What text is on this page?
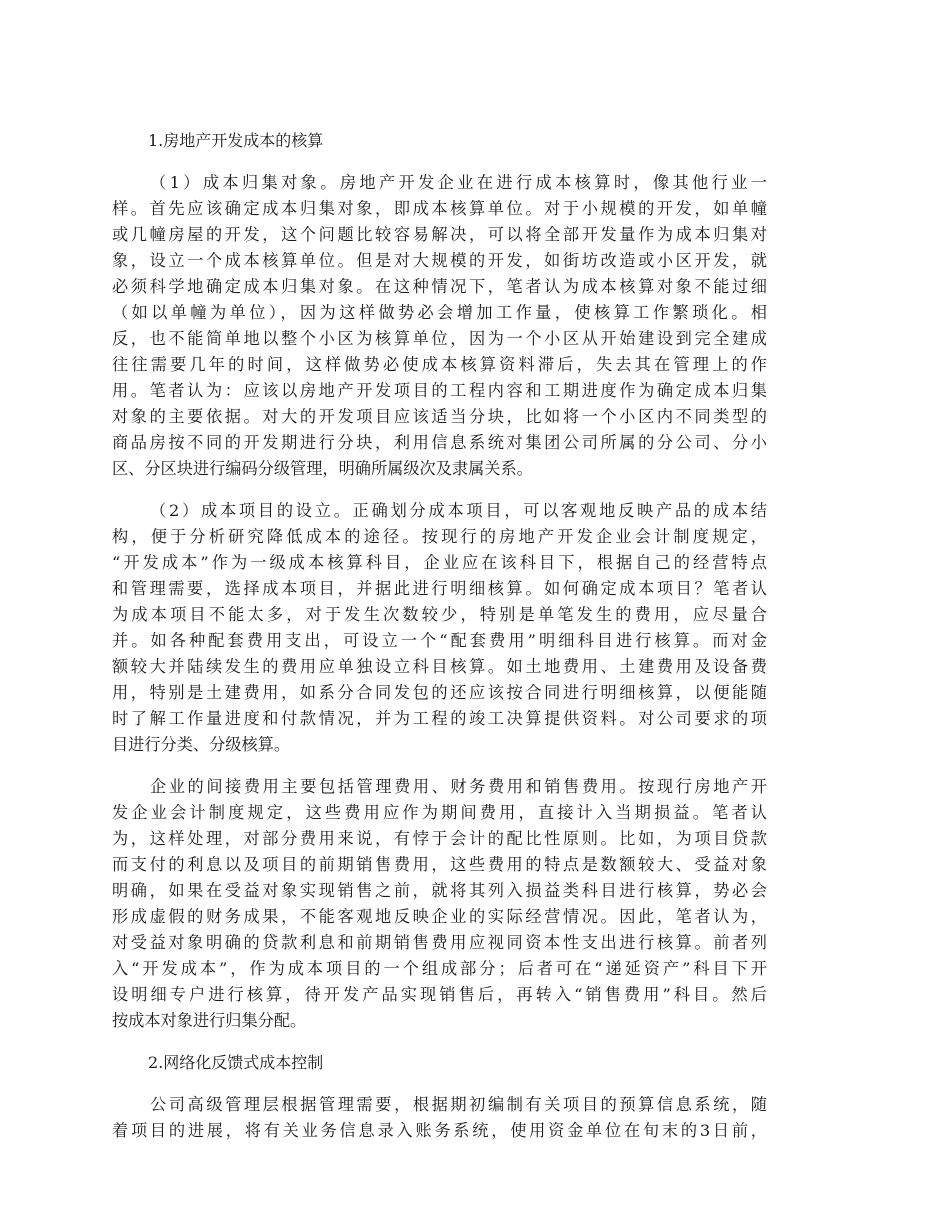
1.房地产开发成本的核算
（1）成本归集对象。房地产开发企业在进行成本核算时，像其他行业一
样。首先应该确定成本归集对象，即成本核算单位。对于小规模的开发，如单幢
或几幢房屋的开发，这个问题比较容易解决，可以将全部开发量作为成本归集对
象，设立一个成本核算单位。但是对大规模的开发，如街坊改造或小区开发，就
必须科学地确定成本归集对象。在这种情况下，笔者认为成本核算对象不能过细
（如以单幢为单位），因为这样做势必会增加工作量，使核算工作繁琐化。相
反，也不能简单地以整个小区为核算单位，因为一个小区从开始建设到完全建成
往往需要几年的时间，这样做势必使成本核算资料滞后，失去其在管理上的作
用。笔者认为：应该以房地产开发项目的工程内容和工期进度作为确定成本归集
对象的主要依据。对大的开发项目应该适当分块，比如将一个小区内不同类型的
商品房按不同的开发期进行分块，利用信息系统对集团公司所属的分公司、分小
区、分区块进行编码分级管理，明确所属级次及隶属关系。
（2）成本项目的设立。正确划分成本项目，可以客观地反映产品的成本结
构，便于分析研究降低成本的途径。按现行的房地产开发企业会计制度规定，
“开发成本”作为一级成本核算科目，企业应在该科目下，根据自己的经营特点
和管理需要，选择成本项目，并据此进行明细核算。如何确定成本项目？笔者认
为成本项目不能太多，对于发生次数较少，特别是单笔发生的费用，应尽量合
并。如各种配套费用支出，可设立一个“配套费用”明细科目进行核算。而对金
额较大并陆续发生的费用应单独设立科目核算。如土地费用、土建费用及设备费
用，特别是土建费用，如系分合同发包的还应该按合同进行明细核算，以便能随
时了解工作量进度和付款情况，并为工程的竣工决算提供资料。对公司要求的项
目进行分类、分级核算。
企业的间接费用主要包括管理费用、财务费用和销售费用。按现行房地产开
发企业会计制度规定，这些费用应作为期间费用，直接计入当期损益。笔者认
为，这样处理，对部分费用来说，有悖于会计的配比性原则。比如，为项目贷款
而支付的利息以及项目的前期销售费用，这些费用的特点是数额较大、受益对象
明确，如果在受益对象实现销售之前，就将其列入损益类科目进行核算，势必会
形成虚假的财务成果，不能客观地反映企业的实际经营情况。因此，笔者认为，
对受益对象明确的贷款利息和前期销售费用应视同资本性支出进行核算。前者列
入“开发成本”，作为成本项目的一个组成部分；后者可在“递延资产”科目下开
设明细专户进行核算，待开发产品实现销售后，再转入“销售费用”科目。然后
按成本对象进行归集分配。
2.网络化反馈式成本控制
公司高级管理层根据管理需要，根据期初编制有关项目的预算信息系统，随
着项目的进展，将有关业务信息录入账务系统，使用资金单位在旬末的3日前，
